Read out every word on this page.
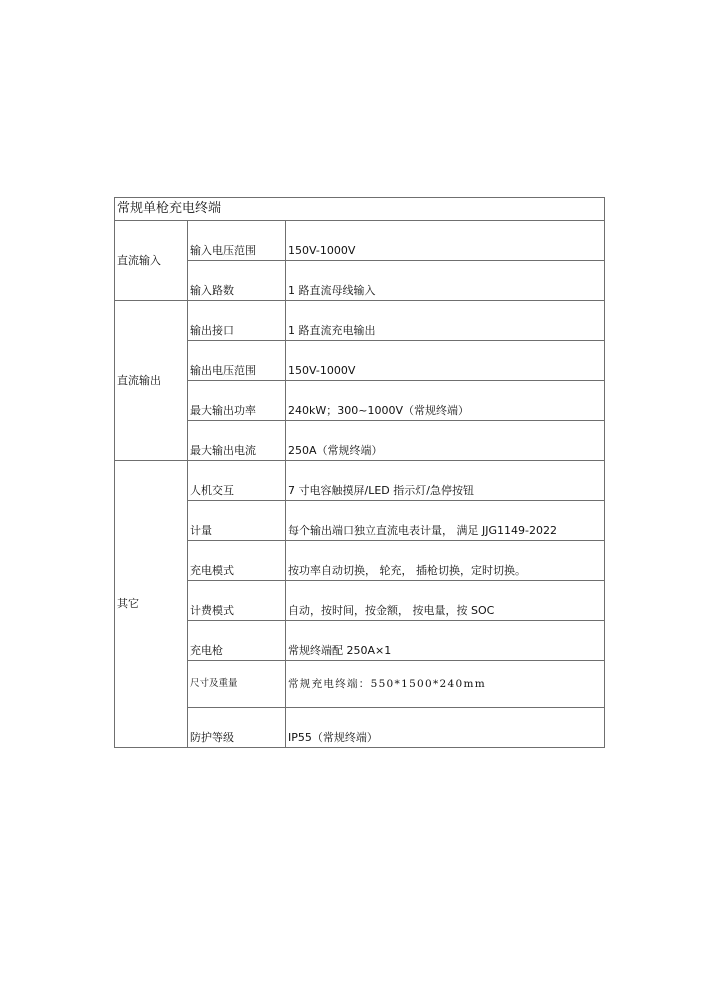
常规单枪充电终端		
直流输入	输入电压范围	150V-1000V
	输入路数	1 路直流母线输入
直流输出	输出接口	1 路直流充电输出
	输出电压范围	150V-1000V
	最大输出功率	240kW；300~1000V（常规终端）
	最大输出电流	250A（常规终端）
其它	人机交互	7 寸电容触摸屏/LED 指示灯/急停按钮
	计量	每个输出端口独立直流电表计量， 满足 JJG1149-2022
	充电模式	按功率自动切换， 轮充， 插枪切换，定时切换。
	计费模式	自动，按时间，按金额， 按电量，按 SOC
	充电枪	常规终端配 250A×1
	尺寸及重量	常规充电终端：550*1500*240mm
	防护等级	IP55（常规终端）
